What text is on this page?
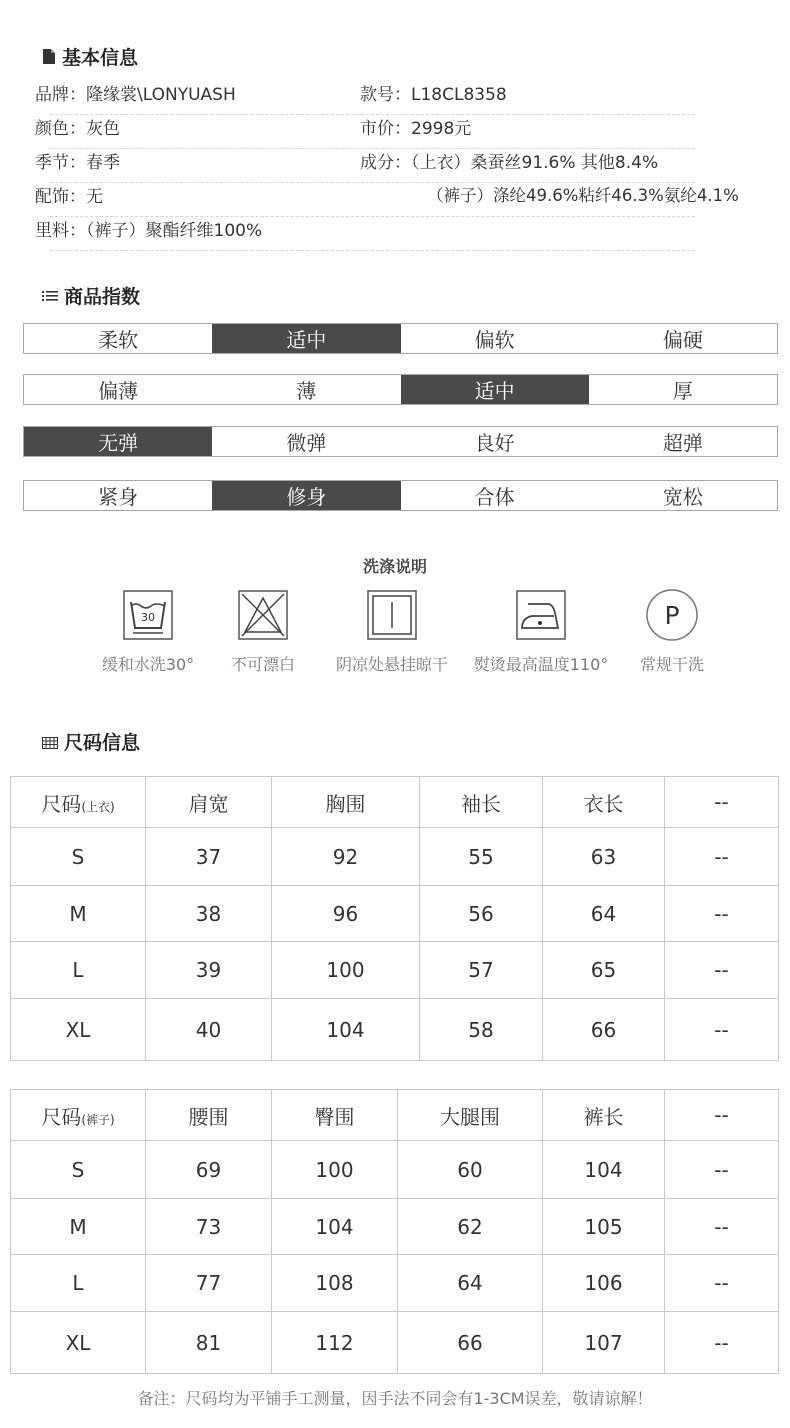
基本信息
品牌：隆缘裳\LONYUASH	款号：L18CL8358
颜色：灰色	市价：2998元
季节：春季	成分：（上衣）桑蚕丝91.6% 其他8.4%
配饰：无	（裤子）涤纶49.6%粘纤46.3%氨纶4.1%
里料：（裤子）聚酯纤维100%
商品指数
柔软	适中	偏软	偏硬
偏薄	薄	适中	厚
无弹	微弹	良好	超弹
紧身	修身	合体	宽松
洗涤说明
30
缓和水洗30°	不可漂白	阴凉处悬挂晾干	熨烫最高温度110°
P
常规干洗
尺码信息
尺码(上衣)	肩宽	胸围	袖长	衣长	--
S	37	92	55	63	--
M	38	96	56	64	--
L	39	100	57	65	--
XL	40	104	58	66	--
尺码(裤子)	腰围	臀围	大腿围	裤长	--
S	69	100	60	104	--
M	73	104	62	105	--
L	77	108	64	106	--
XL	81	112	66	107	--
备注：尺码均为平铺手工测量，因手法不同会有1-3CM误差，敬请谅解！
